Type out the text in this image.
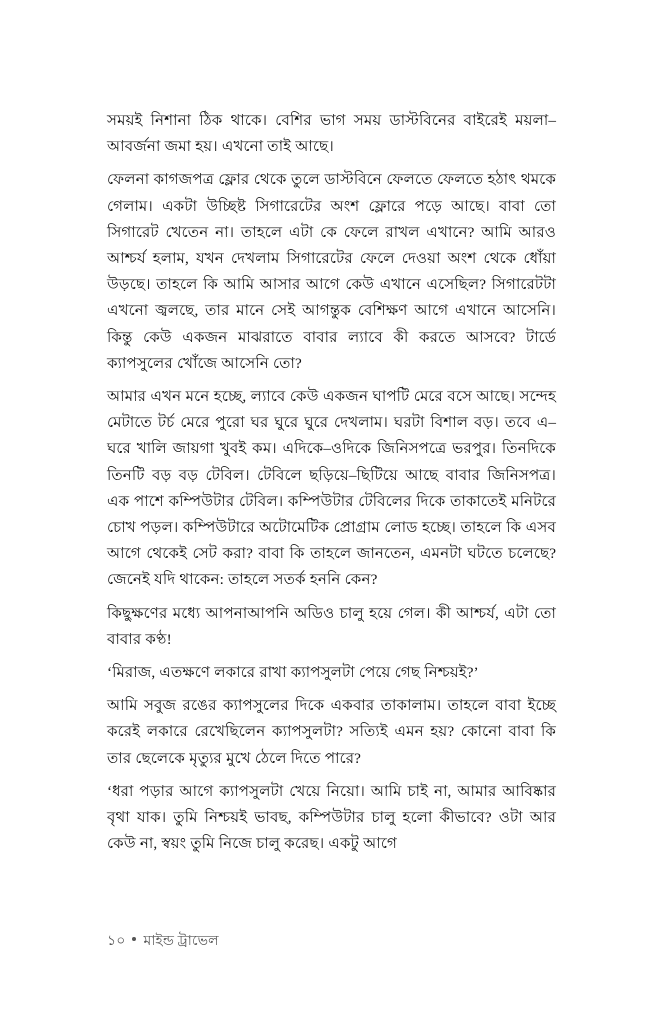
সময়ই নিশানা ঠিক থাকে। বেশির ভাগ সময় ডাস্টবিনের বাইরেই ময়লা–আবর্জনা জমা হয়। এখনো তাই আছে।

ফেলনা কাগজপত্র ফ্লোর থেকে তুলে ডাস্টবিনে ফেলতে ফেলতে হঠাৎ থমকে গেলাম। একটা উচ্ছিষ্ট সিগারেটের অংশ ফ্লোরে পড়ে আছে। বাবা তো সিগারেট খেতেন না। তাহলে এটা কে ফেলে রাখল এখানে? আমি আরও আশ্চর্য হলাম, যখন দেখলাম সিগারেটের ফেলে দেওয়া অংশ থেকে ধোঁয়া উড়ছে। তাহলে কি আমি আসার আগে কেউ এখানে এসেছিল? সিগারেটটা এখনো জ্বলছে, তার মানে সেই আগন্তুক বেশিক্ষণ আগে এখানে আসেনি। কিন্তু কেউ একজন মাঝরাতে বাবার ল্যাবে কী করতে আসবে? টার্ডে ক্যাপসুলের খোঁজে আসেনি তো?

আমার এখন মনে হচ্ছে, ল্যাবে কেউ একজন ঘাপটি মেরে বসে আছে। সন্দেহ মেটাতে টর্চ মেরে পুরো ঘর ঘুরে ঘুরে দেখলাম। ঘরটা বিশাল বড়। তবে এ–ঘরে খালি জায়গা খুবই কম। এদিকে–ওদিকে জিনিসপত্রে ভরপুর। তিনদিকে তিনটি বড় বড় টেবিল। টেবিলে ছড়িয়ে–ছিটিয়ে আছে বাবার জিনিসপত্র। এক পাশে কম্পিউটার টেবিল। কম্পিউটার টেবিলের দিকে তাকাতেই মনিটরে চোখ পড়ল। কম্পিউটারে অটোমেটিক প্রোগ্রাম লোড হচ্ছে। তাহলে কি এসব আগে থেকেই সেট করা? বাবা কি তাহলে জানতেন, এমনটা ঘটতে চলেছে? জেনেই যদি থাকেন: তাহলে সতর্ক হননি কেন?

কিছুক্ষণের মধ্যে আপনাআপনি অডিও চালু হয়ে গেল। কী আশ্চর্য, এটা তো বাবার কণ্ঠ!

‘মিরাজ, এতক্ষণে লকারে রাখা ক্যাপসুলটা পেয়ে গেছ নিশ্চয়ই?’

আমি সবুজ রঙের ক্যাপসুলের দিকে একবার তাকালাম। তাহলে বাবা ইচ্ছে করেই লকারে রেখেছিলেন ক্যাপসুলটা? সত্যিই এমন হয়? কোনো বাবা কি তার ছেলেকে মৃত্যুর মুখে ঠেলে দিতে পারে?

‘ধরা পড়ার আগে ক্যাপসুলটা খেয়ে নিয়ো। আমি চাই না, আমার আবিষ্কার বৃথা যাক। তুমি নিশ্চয়ই ভাবছ, কম্পিউটার চালু হলো কীভাবে? ওটা আর কেউ না, স্বয়ং তুমি নিজে চালু করেছ। একটু আগে

১০ মাইন্ড ট্রাভেল
